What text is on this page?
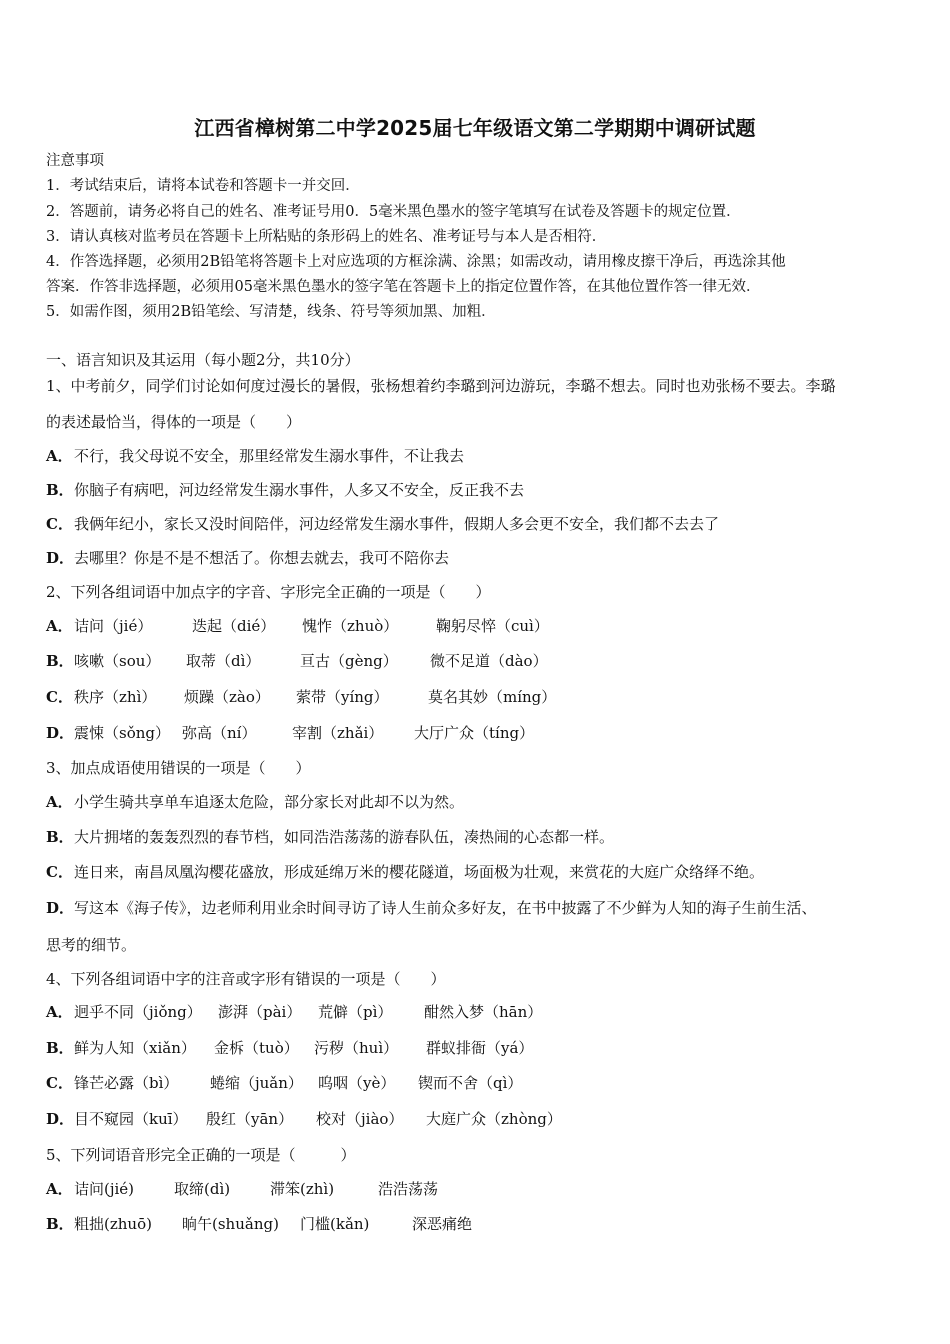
江西省樟树第二中学2025届七年级语文第二学期期中调研试题
注意事项
1．考试结束后，请将本试卷和答题卡一并交回．
2．答题前，请务必将自己的姓名、准考证号用0．5毫米黑色墨水的签字笔填写在试卷及答题卡的规定位置．
3．请认真核对监考员在答题卡上所粘贴的条形码上的姓名、准考证号与本人是否相符．
4．作答选择题，必须用2B铅笔将答题卡上对应选项的方框涂满、涂黑；如需改动，请用橡皮擦干净后，再选涂其他
答案．作答非选择题，必须用05毫米黑色墨水的签字笔在答题卡上的指定位置作答，在其他位置作答一律无效．
5．如需作图，须用2B铅笔绘、写清楚，线条、符号等须加黑、加粗．
一、语言知识及其运用（每小题2分，共10分）
1、中考前夕，同学们讨论如何度过漫长的暑假，张杨想着约李璐到河边游玩，李璐不想去。同时也劝张杨不要去。李璐
的表述最恰当，得体的一项是（　　）
A．不行，我父母说不安全，那里经常发生溺水事件，不让我去
B．你脑子有病吧，河边经常发生溺水事件，人多又不安全，反正我不去
C．我俩年纪小，家长又没时间陪伴，河边经常发生溺水事件，假期人多会更不安全，我们都不去去了
D．去哪里？你是不是不想活了。你想去就去，我可不陪你去
2、下列各组词语中加点字的字音、字形完全正确的一项是（　　）
A．诘问（jié）	迭起（dié） 愧怍（zhuò）	鞠躬尽悴（cuì）
B．咳嗽（sou） 取蒂（dì）	亘古（gèng） 微不足道（dào）
C．秩序（zhì） 烦躁（zào） 萦带（yíng）	莫名其妙（míng）
D．震悚（sǒng） 弥高（ní） 宰割（zhǎi） 大厅广众（tíng）
3、加点成语使用错误的一项是（　　）
A．小学生骑共享单车追逐太危险，部分家长对此却不以为然。
B．大片拥堵的轰轰烈烈的春节档，如同浩浩荡荡的游春队伍，凑热闹的心态都一样。
C．连日来，南昌凤凰沟樱花盛放，形成延绵万米的樱花隧道，场面极为壮观，来赏花的大庭广众络绎不绝。
D．写这本《海子传》，边老师利用业余时间寻访了诗人生前众多好友，在书中披露了不少鲜为人知的海子生前生活、
思考的细节。
4、下列各组词语中字的注音或字形有错误的一项是（　　）
A．迥乎不同（jiǒng） 澎湃（pài） 荒僻（pì） 酣然入梦（hān）
B．鲜为人知（xiǎn） 金柝（tuò） 污秽（huì） 群蚁排衙（yá）
C．锋芒必露（bì） 蜷缩（juǎn） 呜咽（yè） 锲而不舍（qì）
D．目不窥园（kuī） 殷红（yān） 校对（jiào） 大庭广众（zhòng）
5、下列词语音形完全正确的一项是（　　　）
A．诘问(jié)	取缔(dì)	滞笨(zhì)	浩浩荡荡
B．粗拙(zhuō) 晌午(shuǎng) 门槛(kǎn)	深恶痛绝
